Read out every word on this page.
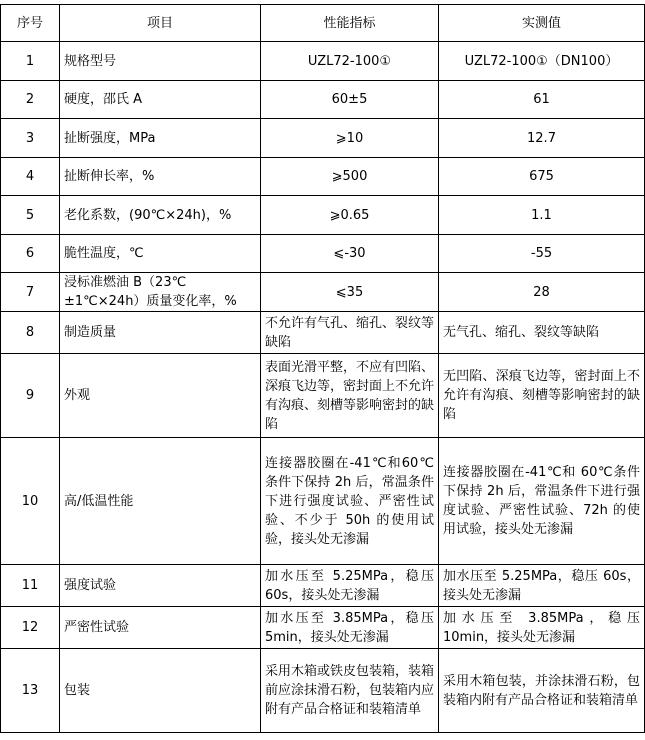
序号	项目	性能指标	实测值
1	规格型号	UZL72-100①	UZL72-100①（DN100）
2	硬度，邵氏 A	60±5	61
3	扯断强度，MPa	⩾10	12.7
4	扯断伸长率，%	⩾500	675
5	老化系数，(90℃×24h)，%	⩾0.65	1.1
6	脆性温度，℃	⩽-30	-55
7	浸标准燃油 B（23℃±1℃×24h）质量变化率，%	⩽35	28
8	制造质量	不允许有气孔、缩孔、裂纹等缺陷	无气孔、缩孔、裂纹等缺陷
9	外观	表面光滑平整，不应有凹陷、深痕飞边等，密封面上不允许有沟痕、刻槽等影响密封的缺陷	无凹陷、深痕飞边等，密封面上不允许有沟痕、刻槽等影响密封的缺陷
10	高/低温性能	连接器胶圈在-41℃和60℃条件下保持 2h 后，常温条件下进行强度试验、严密性试验、不少于 50h 的使用试验，接头处无渗漏	连接器胶圈在-41℃和 60℃条件下保持 2h 后，常温条件下进行强度试验、严密性试验、72h 的使用试验，接头处无渗漏
11	强度试验	加水压至 5.25MPa，稳压 60s，接头处无渗漏	加水压至 5.25MPa，稳压 60s，接头处无渗漏
12	严密性试验	加水压至 3.85MPa，稳压 5min，接头处无渗漏	加水压至 3.85MPa，稳压 10min，接头处无渗漏
13	包装	采用木箱或铁皮包装箱，装箱前应涂抹滑石粉，包装箱内应附有产品合格证和装箱清单	采用木箱包装，并涂抹滑石粉，包装箱内附有产品合格证和装箱清单
